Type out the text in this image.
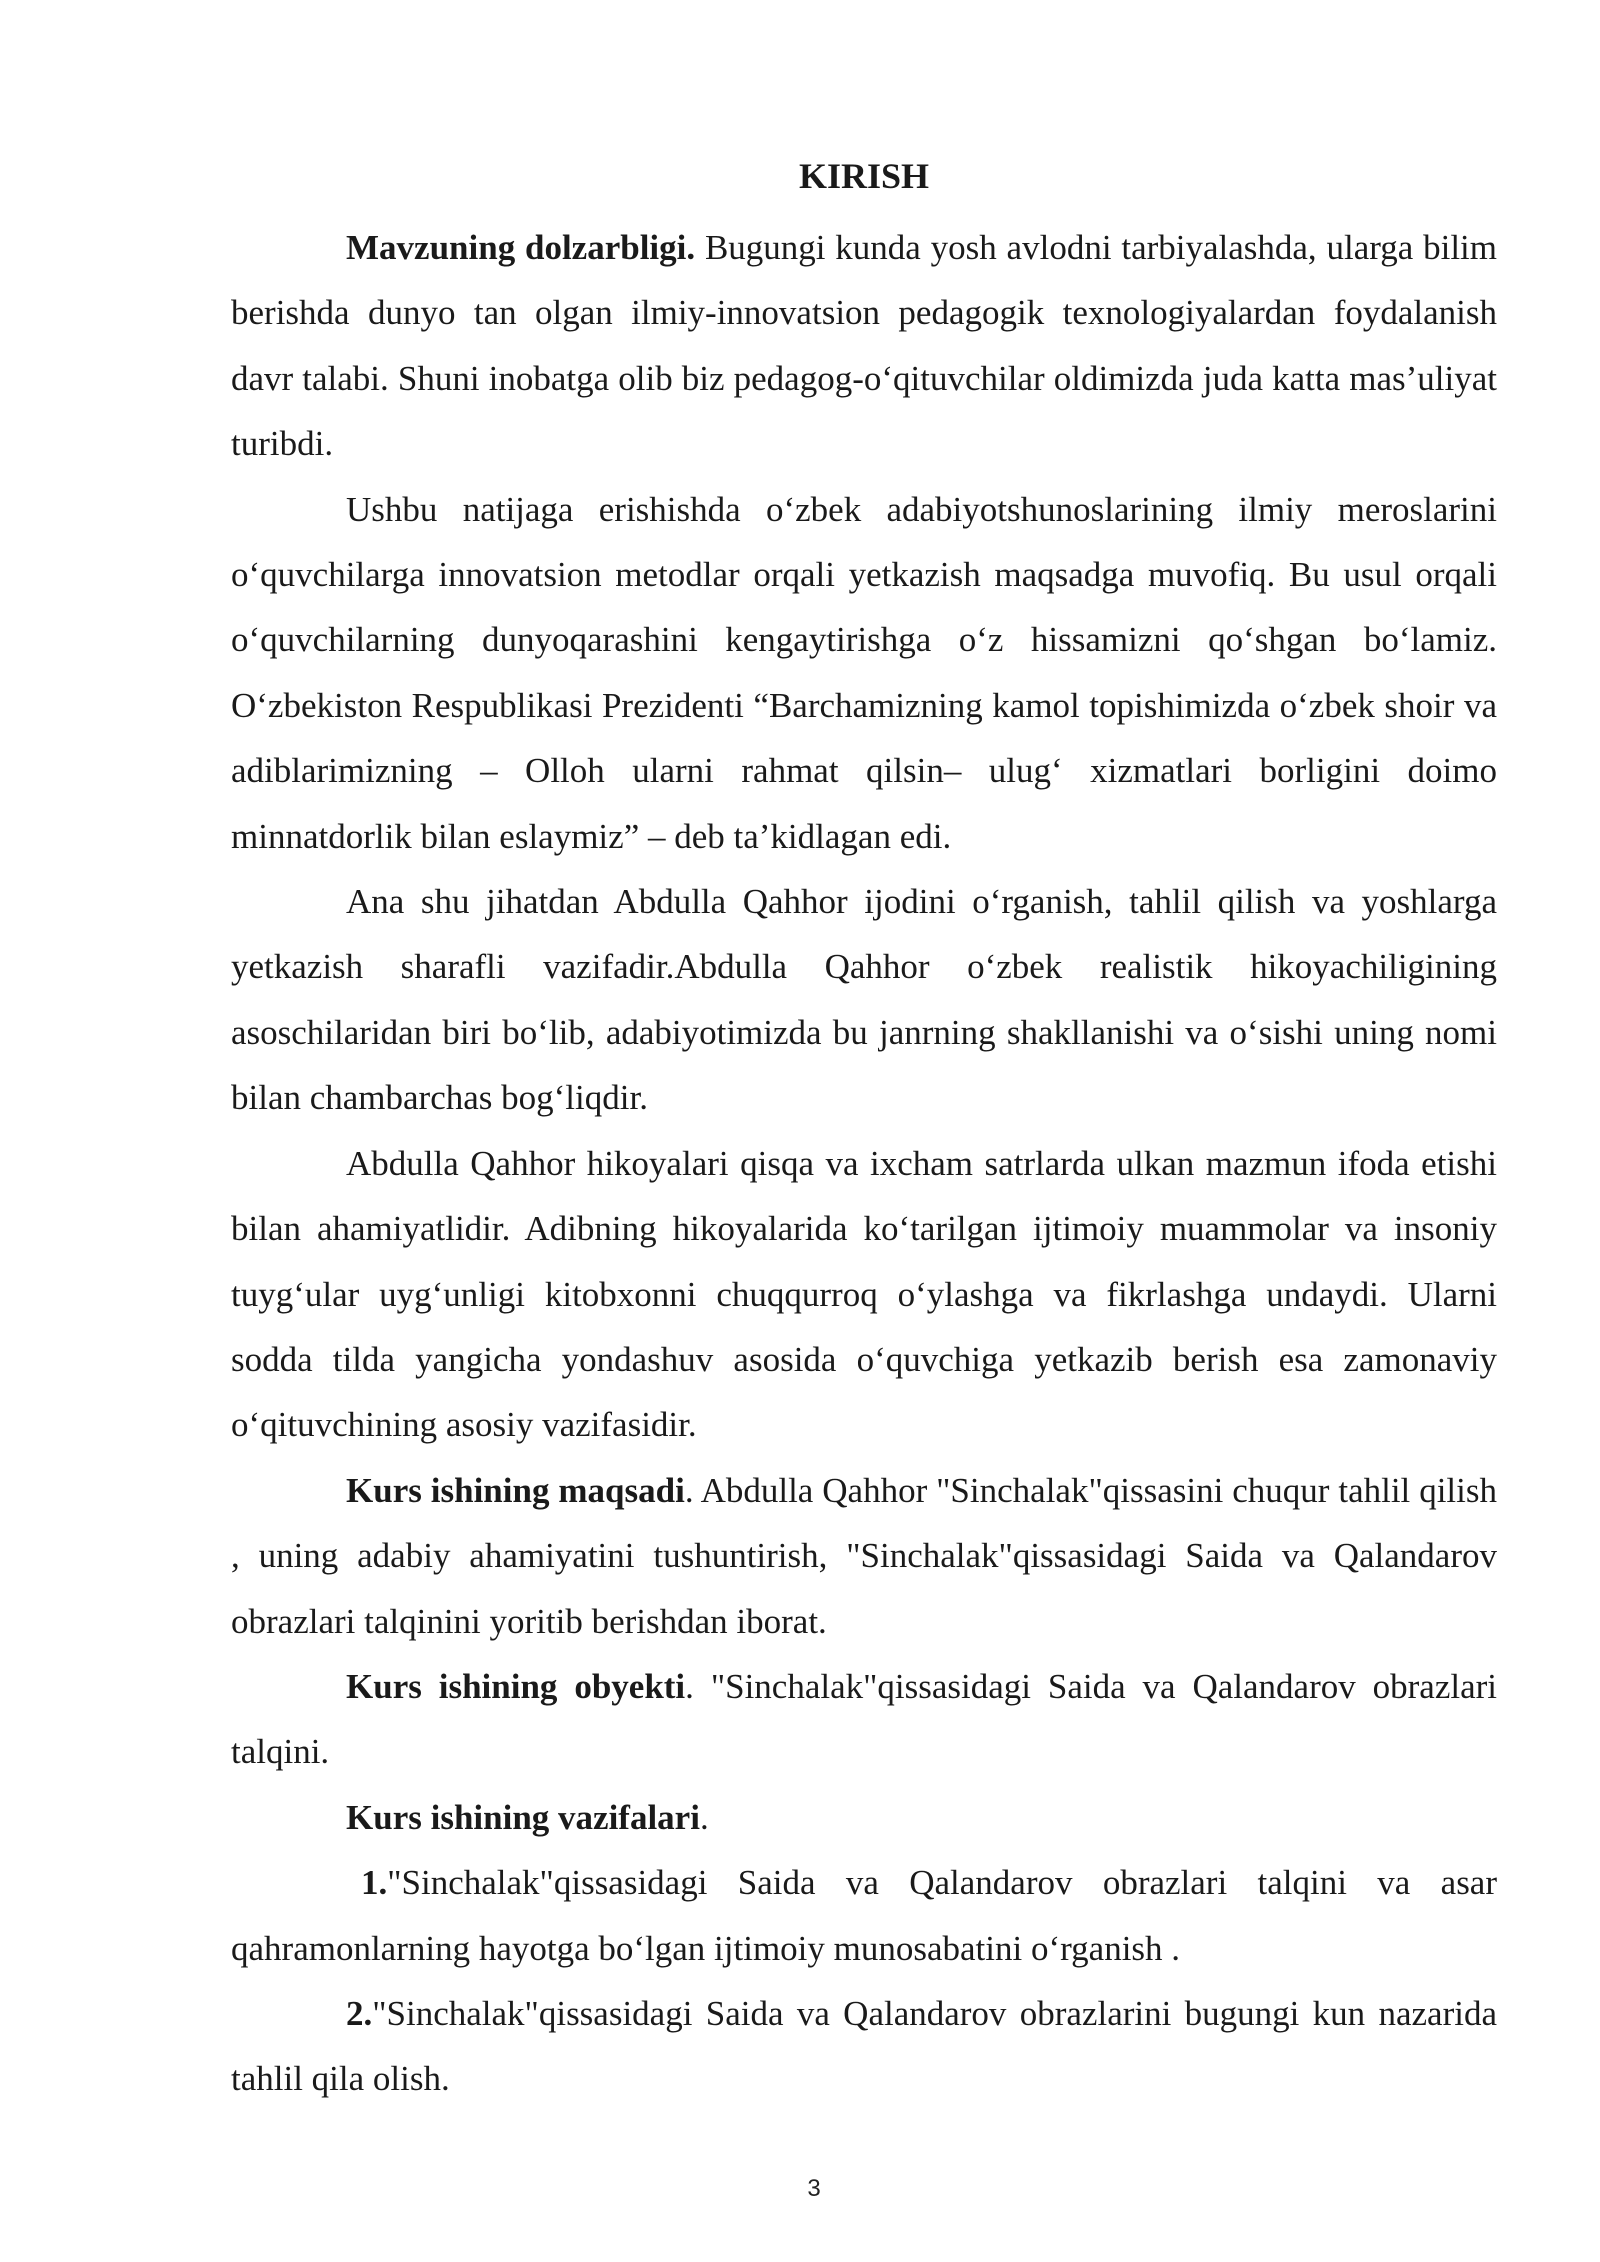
KIRISH

Mavzuning dolzarbligi. Bugungi kunda yosh avlodni tarbiyalashda, ularga bilim berishda dunyo tan olgan ilmiy-innovatsion pedagogik texnologiyalardan foydalanish davr talabi. Shuni inobatga olib biz pedagog-o‘qituvchilar oldimizda juda katta mas’uliyat turibdi.

Ushbu natijaga erishishda o‘zbek adabiyotshunoslarining ilmiy meroslarini o‘quvchilarga innovatsion metodlar orqali yetkazish maqsadga muvofiq. Bu usul orqali o‘quvchilarning dunyoqarashini kengaytirishga o‘z hissamizni qo‘shgan bo‘lamiz. O‘zbekiston Respublikasi Prezidenti “Barchamizning kamol topishimizda o‘zbek shoir va adiblarimizning – Olloh ularni rahmat qilsin– ulug‘ xizmatlari borligini doimo minnatdorlik bilan eslaymiz” – deb ta’kidlagan edi.

Ana shu jihatdan Abdulla Qahhor ijodini o‘rganish, tahlil qilish va yoshlarga yetkazish sharafli vazifadir.Abdulla Qahhor o‘zbek realistik hikoyachiligining asoschilaridan biri bo‘lib, adabiyotimizda bu janrning shakllanishi va o‘sishi uning nomi bilan chambarchas bog‘liqdir.

Abdulla Qahhor hikoyalari qisqa va ixcham satrlarda ulkan mazmun ifoda etishi bilan ahamiyatlidir. Adibning hikoyalarida ko‘tarilgan ijtimoiy muammolar va insoniy tuyg‘ular uyg‘unligi kitobxonni chuqqurroq o‘ylashga va fikrlashga undaydi. Ularni sodda tilda yangicha yondashuv asosida o‘quvchiga yetkazib berish esa zamonaviy o‘qituvchining asosiy vazifasidir.

Kurs ishining maqsadi. Abdulla Qahhor "Sinchalak"qissasini chuqur tahlil qilish , uning adabiy ahamiyatini tushuntirish, "Sinchalak"qissasidagi Saida va Qalandarov obrazlari talqinini yoritib berishdan iborat.

Kurs ishining obyekti. "Sinchalak"qissasidagi Saida va Qalandarov obrazlari talqini.

Kurs ishining vazifalari.

1."Sinchalak"qissasidagi Saida va Qalandarov obrazlari talqini va asar qahramonlarning hayotga bo‘lgan ijtimoiy munosabatini o‘rganish .

2."Sinchalak"qissasidagi Saida va Qalandarov obrazlarini bugungi kun nazarida tahlil qila olish.

3
